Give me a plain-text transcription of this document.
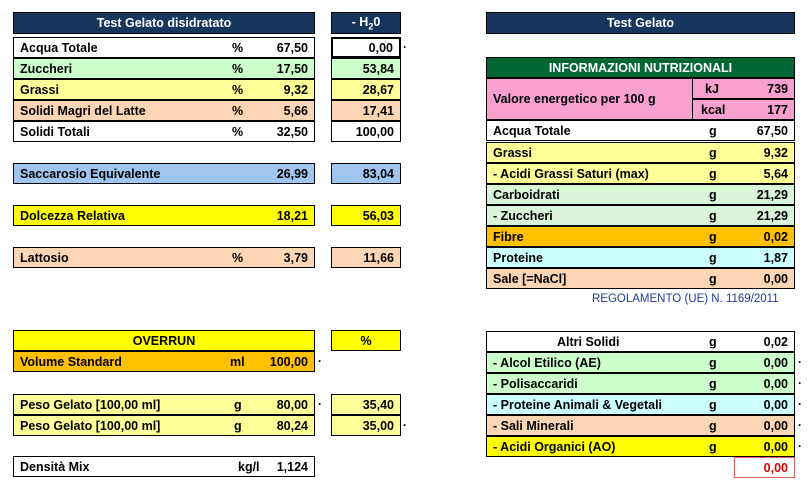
Test Gelato disidratato	- $H_20$
Acqua Totale	%	67,50	0,00 ·
Zuccheri	%	17,50	53,84
Grassi	%	9,32	28,67
Solidi Magri del Latte	%	5,66	17,41
Solidi Totali	%	32,50	100,00
Saccarosio Equivalente	26,99	83,04
Dolcezza Relativa	18,21	56,03
Lattosio	%	3,79	11,66
OVERRUN	%
Volume Standard	ml 100,00 ·
Peso Gelato [100,00 ml]	g	80,00 ·	35,40
Peso Gelato [100,00 ml]	g	80,24	35,00 ·
Densità Mix	kg/l 1,124
Test Gelato
INFORMAZIONI NUTRIZIONALI
Valore energetico per 100 g
kJ	739
kcal	177
Acqua Totale	g	67,50
Grassi	g	9,32
- Acidi Grassi Saturi (max)	g	5,64
Carboidrati	g	21,29
- Zuccheri	g	21,29
Fibre	g	0,02
Proteine	g	1,87
Sale [=NaCl]	g	0,00
REGOLAMENTO (UE) N. 1169/2011
Altri Solidi	g	0,02
- Alcol Etilico (AE)	g	0,00 ·
- Polisaccaridi	g	0,00 ·
- Proteine Animali & Vegetali	g	0,00 ·
- Sali Minerali	g	0,00 ·
- Acidi Organici (AO)	g	0,00 ·
0,00
